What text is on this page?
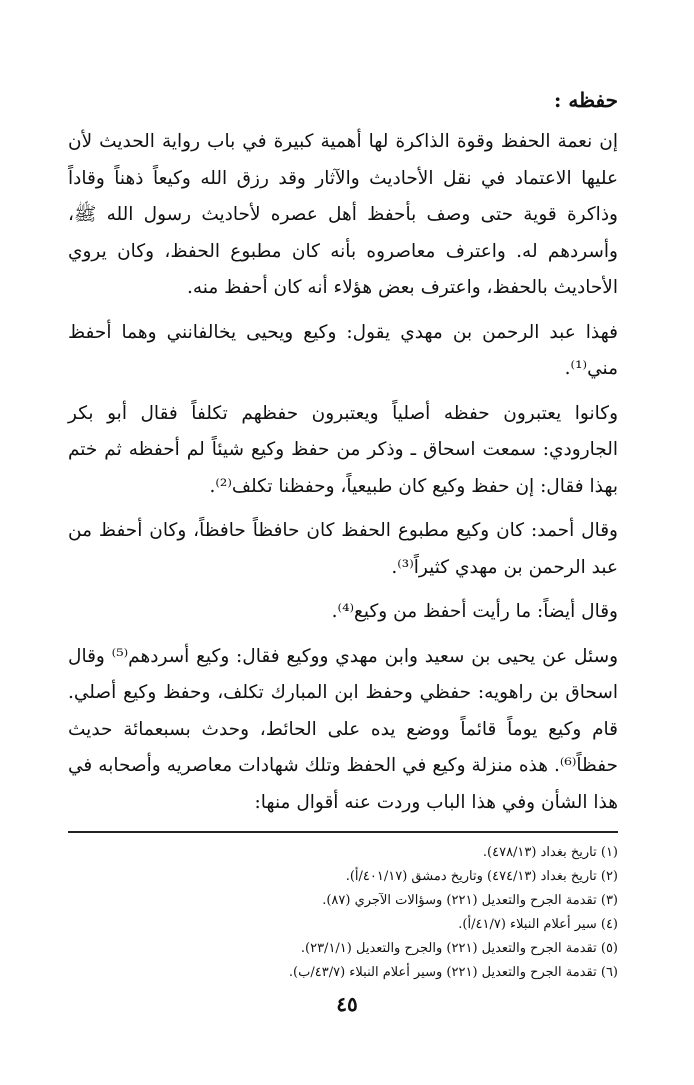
حفظه :

إن نعمة الحفظ وقوة الذاكرة لها أهمية كبيرة في باب رواية الحديث لأن عليها الاعتماد في نقل الأحاديث والآثار وقد رزق الله وكيعاً ذهناً وقاداً وذاكرة قوية حتى وصف بأحفظ أهل عصره لأحاديث رسول الله ﷺ، وأسردهم له. واعترف معاصروه بأنه كان مطبوع الحفظ، وكان يروي الأحاديث بالحفظ، واعترف بعض هؤلاء أنه كان أحفظ منه.

فهذا عبد الرحمن بن مهدي يقول: وكيع ويحيى يخالفانني وهما أحفظ مني⁽¹⁾.

وكانوا يعتبرون حفظه أصلياً ويعتبرون حفظهم تكلفاً فقال أبو بكر الجارودي: سمعت اسحاق ـ وذكر من حفظ وكيع شيئاً لم أحفظه ثم ختم بهذا فقال: إن حفظ وكيع كان طبيعياً، وحفظنا تكلف⁽²⁾.

وقال أحمد: كان وكيع مطبوع الحفظ كان حافظاً حافظاً، وكان أحفظ من عبد الرحمن بن مهدي كثيراً⁽³⁾.

وقال أيضاً: ما رأيت أحفظ من وكيع⁽⁴⁾.

وسئل عن يحيى بن سعيد وابن مهدي ووكيع فقال: وكيع أسردهم⁽⁵⁾ وقال اسحاق بن راهويه: حفظي وحفظ ابن المبارك تكلف، وحفظ وكيع أصلي. قام وكيع يوماً قائماً ووضع يده على الحائط، وحدث بسبعمائة حديث حفظاً⁽⁶⁾. هذه منزلة وكيع في الحفظ وتلك شهادات معاصريه وأصحابه في هذا الشأن وفي هذا الباب وردت عنه أقوال منها:

(١) تاريخ بغداد (٤٧٨/١٣).
(٢) تاريخ بغداد (٤٧٤/١٣) وتاريخ دمشق (٤٠١/١٧/أ).
(٣) تقدمة الجرح والتعديل (٢٢١) وسؤالات الآجري (٨٧).
(٤) سير أعلام النبلاء (٤١/٧/أ).
(٥) تقدمة الجرح والتعديل (٢٢١) والجرح والتعديل (٢٣/١/١).
(٦) تقدمة الجرح والتعديل (٢٢١) وسير أعلام النبلاء (٤٣/٧/ب).
٤٥
